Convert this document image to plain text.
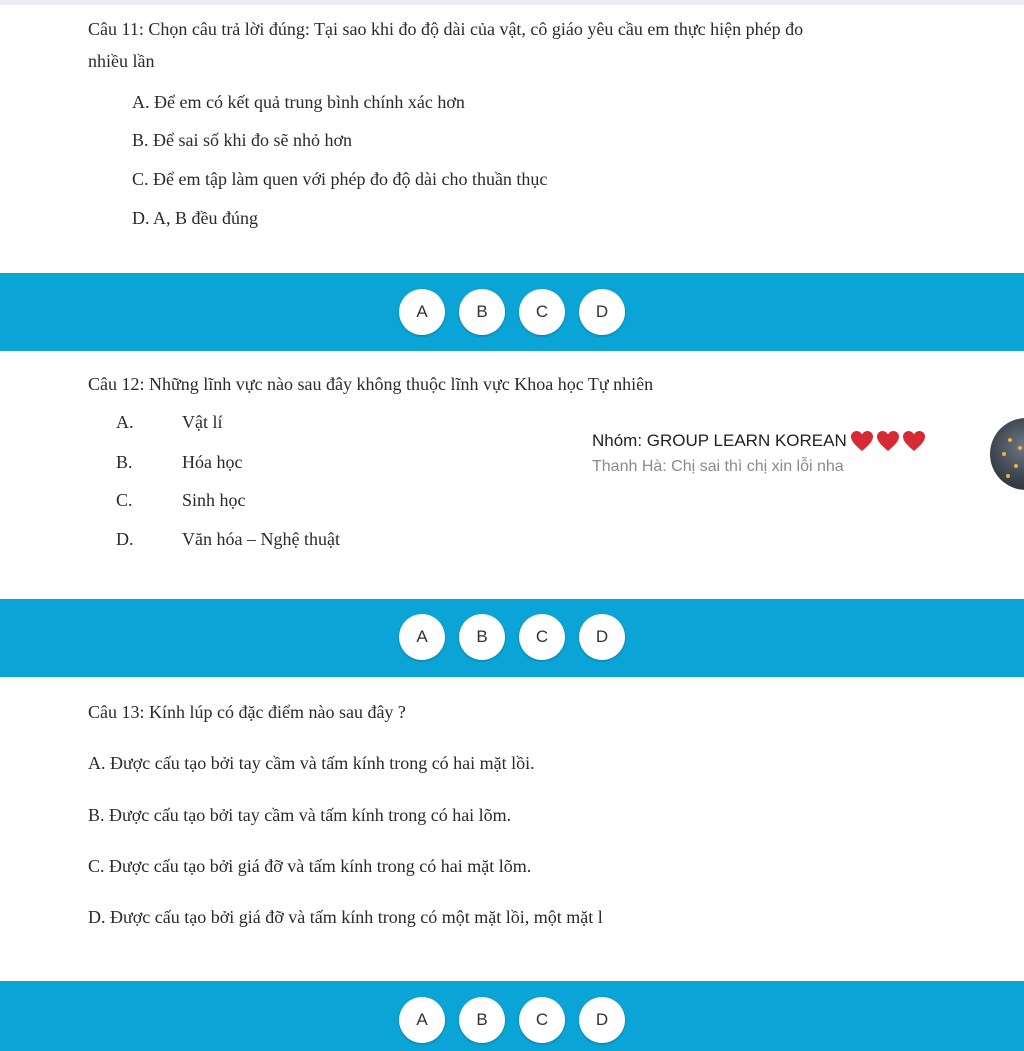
Câu 11: Chọn câu trả lời đúng: Tại sao khi đo độ dài của vật, cô giáo yêu cầu em thực hiện phép đo
nhiều lần
A. Để em có kết quả trung bình chính xác hơn
B. Để sai số khi đo sẽ nhỏ hơn
C. Để em tập làm quen với phép đo độ dài cho thuần thục
D. A, B đều đúng
A	B	C	D
Câu 12: Những lĩnh vực nào sau đây không thuộc lĩnh vực Khoa học Tự nhiên
A.	Vật lí
B.	Hóa học
C.	Sinh học
D.	Văn hóa – Nghệ thuật
Nhóm: GROUP LEARN KOREAN
Thanh Hà: Chị sai thì chị xin lỗi nha
A	B	C	D
Câu 13: Kính lúp có đặc điểm nào sau đây ?
A. Được cấu tạo bởi tay cầm và tấm kính trong có hai mặt lồi.
B. Được cấu tạo bởi tay cầm và tấm kính trong có hai lõm.
C. Được cấu tạo bởi giá đỡ và tấm kính trong có hai mặt lõm.
D. Được cấu tạo bởi giá đỡ và tấm kính trong có một mặt lồi, một mặt l
A	B	C	D
